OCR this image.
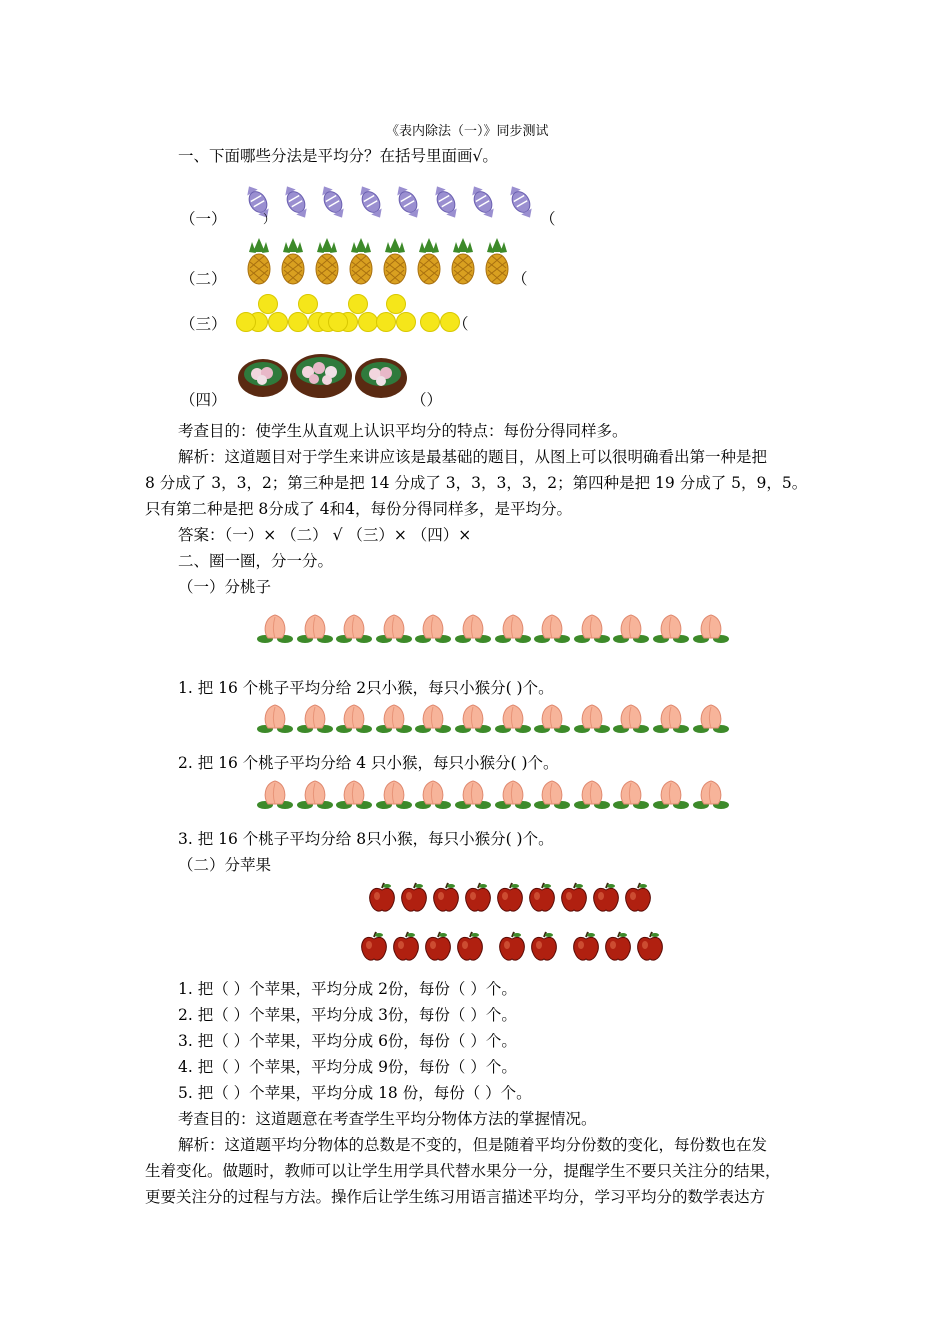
《表内除法（一）》同步测试
一、下面哪些分法是平均分？在括号里面画√。
（一）	）	（
（二）	（
（三）	（
（四）	（）
考查目的：使学生从直观上认识平均分的特点：每份分得同样多。
解析：这道题目对于学生来讲应该是最基础的题目，从图上可以很明确看出第一种是把
8 分成了 3，3，2；第三种是把 14 分成了 3，3，3，3，2；第四种是把 19 分成了 5，9，5。
只有第二种是把 8分成了 4和4，每份分得同样多，是平均分。
答案：（一）× （二） √ （三）× （四）×
二、圈一圈，分一分。
（一）分桃子
1. 把 16 个桃子平均分给 2只小猴，每只小猴分( )个。
2. 把 16 个桃子平均分给 4 只小猴，每只小猴分( )个。
3. 把 16 个桃子平均分给 8只小猴，每只小猴分( )个。
（二）分苹果
1. 把（ ）个苹果，平均分成 2份，每份（ ）个。
2. 把（ ）个苹果，平均分成 3份，每份（ ）个。
3. 把（ ）个苹果，平均分成 6份，每份（ ）个。
4. 把（ ）个苹果，平均分成 9份，每份（ ）个。
5. 把（ ）个苹果，平均分成 18 份，每份（ ）个。
考查目的：这道题意在考查学生平均分物体方法的掌握情况。
解析：这道题平均分物体的总数是不变的，但是随着平均分份数的变化，每份数也在发
生着变化。做题时，教师可以让学生用学具代替水果分一分，提醒学生不要只关注分的结果，
更要关注分的过程与方法。操作后让学生练习用语言描述平均分，学习平均分的数学表达方
